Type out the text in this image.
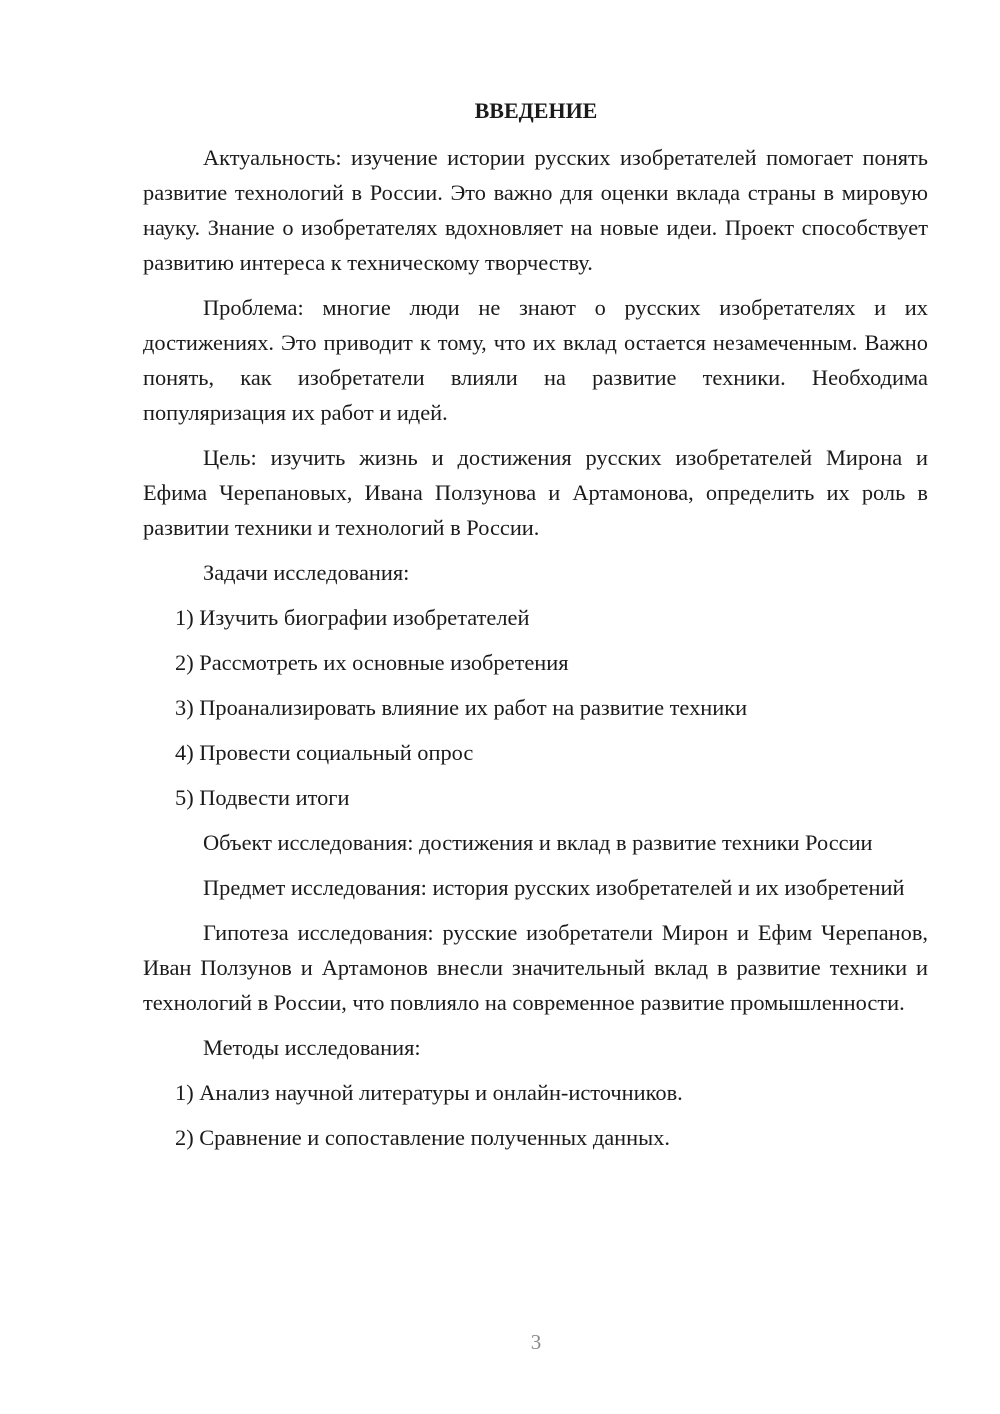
ВВЕДЕНИЕ

Актуальность: изучение истории русских изобретателей помогает понять развитие технологий в России. Это важно для оценки вклада страны в мировую науку. Знание о изобретателях вдохновляет на новые идеи. Проект способствует развитию интереса к техническому творчеству.

Проблема: многие люди не знают о русских изобретателях и их достижениях. Это приводит к тому, что их вклад остается незамеченным. Важно понять, как изобретатели влияли на развитие техники. Необходима популяризация их работ и идей.

Цель: изучить жизнь и достижения русских изобретателей Мирона и Ефима Черепановых, Ивана Ползунова и Артамонова, определить их роль в развитии техники и технологий в России.

Задачи исследования:

1) Изучить биографии изобретателей

2) Рассмотреть их основные изобретения

3) Проанализировать влияние их работ на развитие техники

4) Провести социальный опрос

5) Подвести итоги

Объект исследования: достижения и вклад в развитие техники России

Предмет исследования: история русских изобретателей и их изобретений

Гипотеза исследования: русские изобретатели Мирон и Ефим Черепанов, Иван Ползунов и Артамонов внесли значительный вклад в развитие техники и технологий в России, что повлияло на современное развитие промышленности.

Методы исследования:

1) Анализ научной литературы и онлайн-источников.

2) Сравнение и сопоставление полученных данных.

3
